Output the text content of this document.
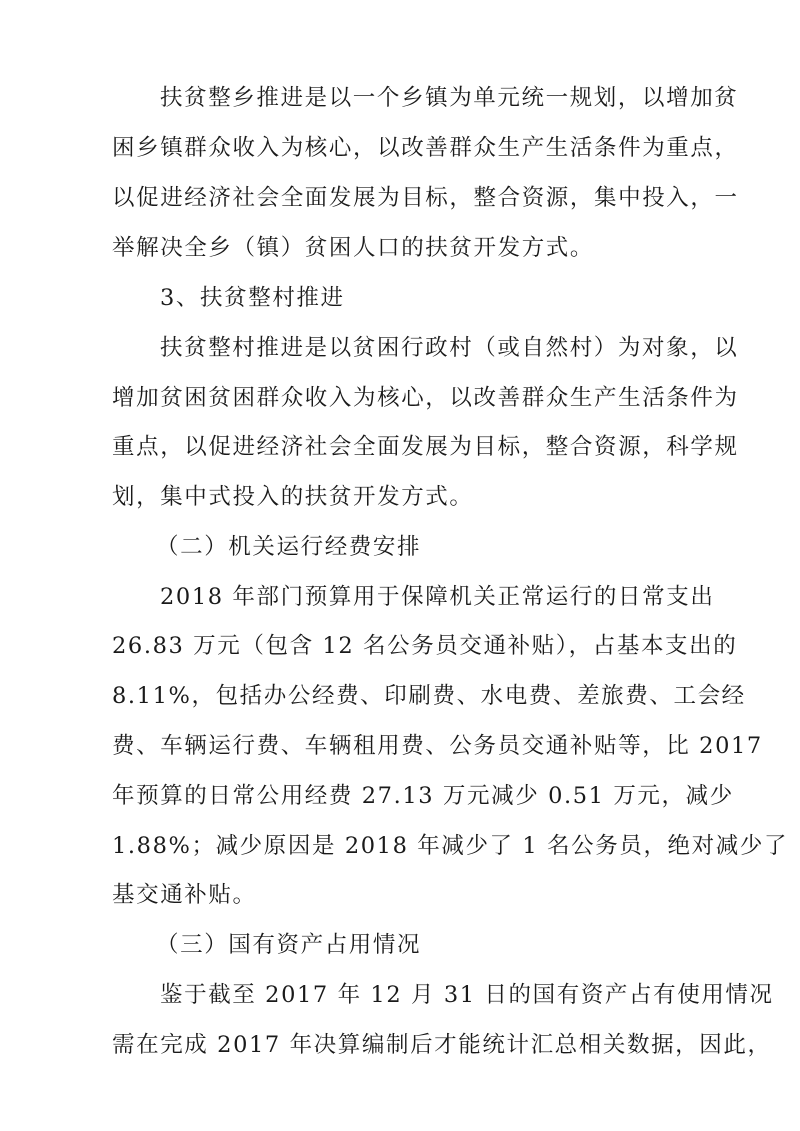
扶贫整乡推进是以一个乡镇为单元统一规划，以增加贫
困乡镇群众收入为核心，以改善群众生产生活条件为重点，
以促进经济社会全面发展为目标，整合资源，集中投入，一
举解决全乡（镇）贫困人口的扶贫开发方式。
3、扶贫整村推进
扶贫整村推进是以贫困行政村（或自然村）为对象，以
增加贫困贫困群众收入为核心，以改善群众生产生活条件为
重点，以促进经济社会全面发展为目标，整合资源，科学规
划，集中式投入的扶贫开发方式。
（二）机关运行经费安排
2018 年部门预算用于保障机关正常运行的日常支出
26.83 万元（包含 12 名公务员交通补贴），占基本支出的
8.11%，包括办公经费、印刷费、水电费、差旅费、工会经
费、车辆运行费、车辆租用费、公务员交通补贴等，比 2017
年预算的日常公用经费 27.13 万元减少 0.51 万元，减少
1.88%；减少原因是 2018 年减少了 1 名公务员，绝对减少了
基交通补贴。
（三）国有资产占用情况
鉴于截至 2017 年 12 月 31 日的国有资产占有使用情况
需在完成 2017 年决算编制后才能统计汇总相关数据，因此，
